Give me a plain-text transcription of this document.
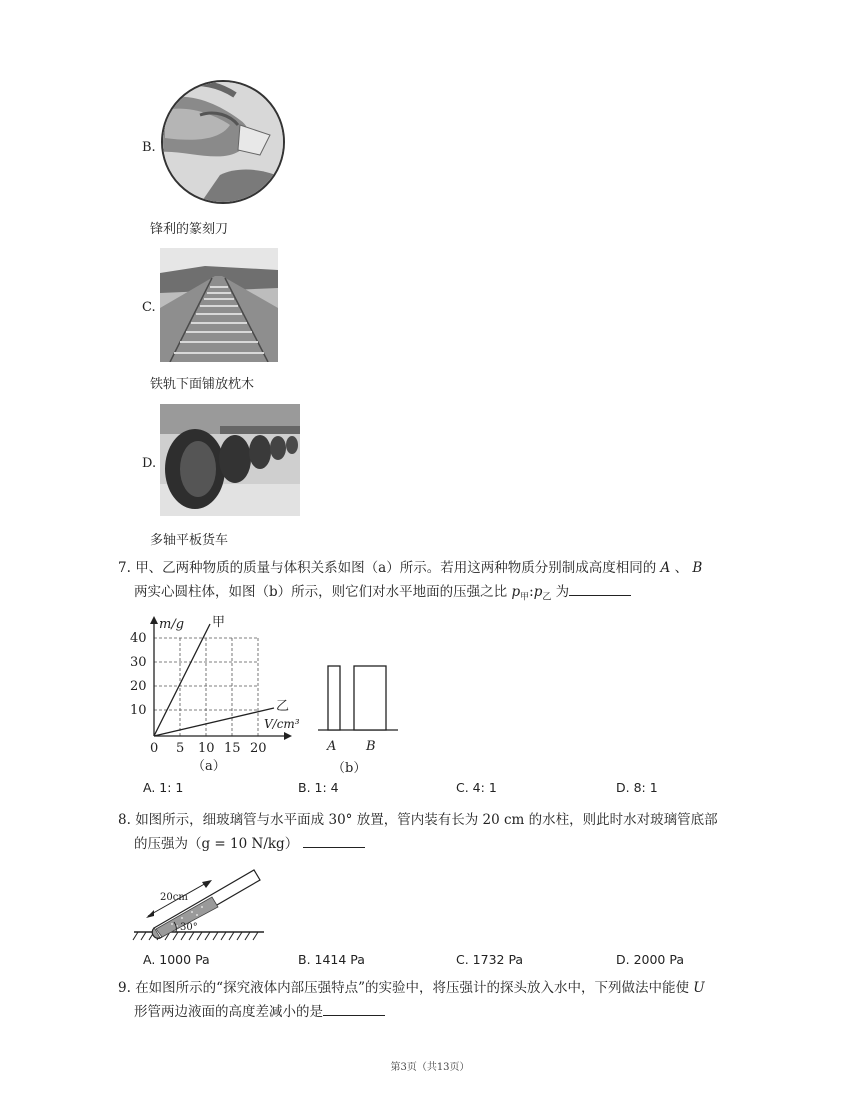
B.
锋利的篆刻刀
C.
铁轨下面铺放枕木
D.
多轴平板货车
7. 甲、乙两种物质的质量与体积关系如图（a）所示。若用这两种物质分别制成高度相同的 A 、 B
两实心圆柱体，如图（b）所示，则它们对水平地面的压强之比 $p_甲:p_乙$ 为
40
30
20
10
0 5 10 15 20
m/g
V/cm³
甲
乙
（a）
A B
（b）
A. 1: 1	B. 1: 4	C. 4: 1	D. 8: 1
8. 如图所示，细玻璃管与水平面成 30° 放置，管内装有长为 20 cm 的水柱，则此时水对玻璃管底部
的压强为（g = 10 N/kg）
20cm
30°
A. 1000 Pa	B. 1414 Pa	C. 1732 Pa	D. 2000 Pa
9. 在如图所示的“探究液体内部压强特点”的实验中，将压强计的探头放入水中，下列做法中能使 U
形管两边液面的高度差减小的是
第3页（共13页）
